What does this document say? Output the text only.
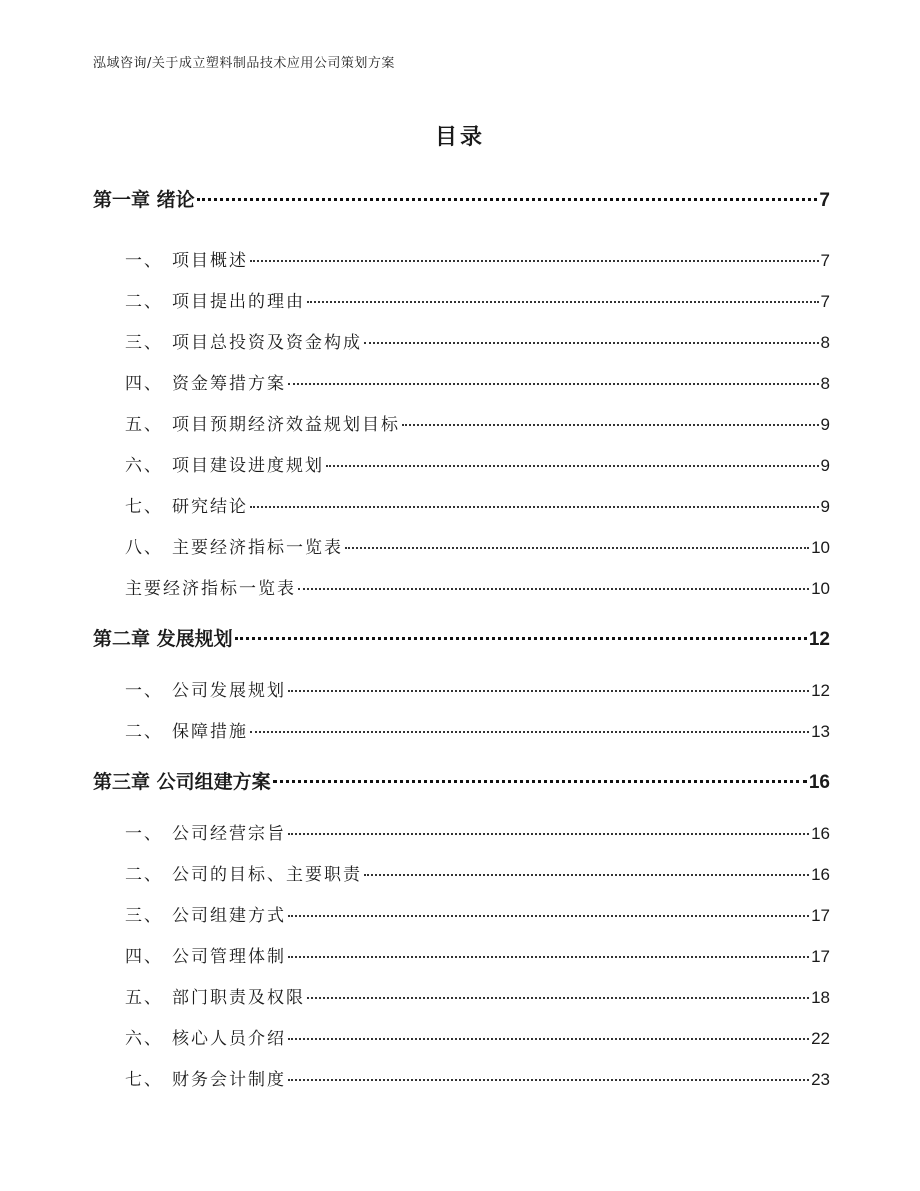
泓域咨询/关于成立塑料制品技术应用公司策划方案
目录
第一章 绪论	7
一、 项目概述	7
二、 项目提出的理由	7
三、 项目总投资及资金构成	8
四、 资金筹措方案	8
五、 项目预期经济效益规划目标	9
六、 项目建设进度规划	9
七、 研究结论	9
八、 主要经济指标一览表	10
主要经济指标一览表	10
第二章 发展规划	12
一、 公司发展规划	12
二、 保障措施	13
第三章 公司组建方案	16
一、 公司经营宗旨	16
二、 公司的目标、主要职责	16
三、 公司组建方式	17
四、 公司管理体制	17
五、 部门职责及权限	18
六、 核心人员介绍	22
七、 财务会计制度	23
